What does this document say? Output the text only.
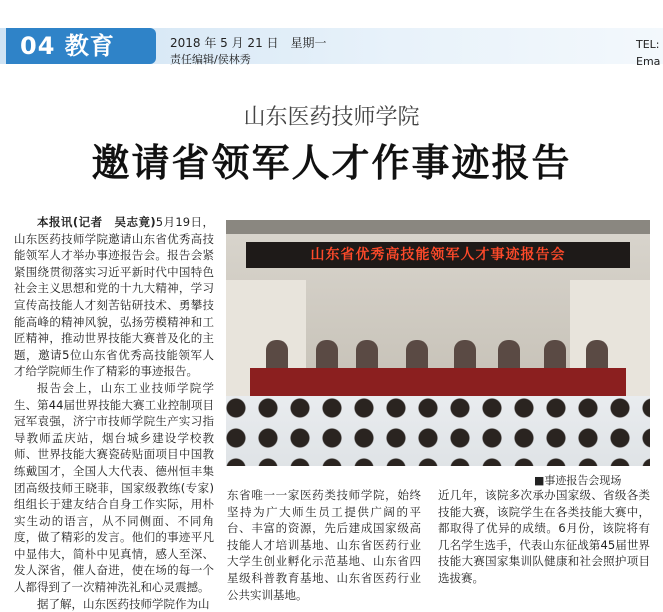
04 教育	2018 年 5 月 21 日　星期一
责任编辑/侯林秀
TEL:
Ema
山东医药技师学院
邀请省领军人才作事迹报告

本报讯(记者　吴志竟)5月19日，山东医药技师学院邀请山东省优秀高技能领军人才举办事迹报告会。报告会紧紧围绕贯彻落实习近平新时代中国特色社会主义思想和党的十九大精神，学习宣传高技能人才刻苦钻研技术、勇攀技能高峰的精神风貌，弘扬劳模精神和工匠精神，推动世界技能大赛普及化的主题，邀请5位山东省优秀高技能领军人才给学院师生作了精彩的事迹报告。

报告会上，山东工业技师学院学生、第44届世界技能大赛工业控制项目冠军袁强，济宁市技师学院生产实习指导教师孟庆站，烟台城乡建设学校教师、世界技能大赛瓷砖贴面项目中国教练戴国才，全国人大代表、德州恒丰集团高级技师王晓菲，国家级教练(专家)组组长于建友结合自身工作实际，用朴实生动的语言，从不同侧面、不同角度，做了精彩的发言。他们的事迹平凡中显伟大，简朴中见真情，感人至深、发人深省，催人奋进，使在场的每一个人都得到了一次精神洗礼和心灵震撼。

据了解，山东医药技师学院作为山

山东省优秀高技能领军人才事迹报告会
■事迹报告会现场

东省唯一一家医药类技师学院，始终坚持为广大师生员工提供广阔的平台、丰富的资源，先后建成国家级高技能人才培训基地、山东省医药行业大学生创业孵化示范基地、山东省四星级科普教育基地、山东省医药行业公共实训基地。

近几年，该院多次承办国家级、省级各类技能大赛，该院学生在各类技能大赛中，都取得了优异的成绩。6月份，该院将有几名学生选手，代表山东征战第45届世界技能大赛国家集训队健康和社会照护项目选拔赛。
